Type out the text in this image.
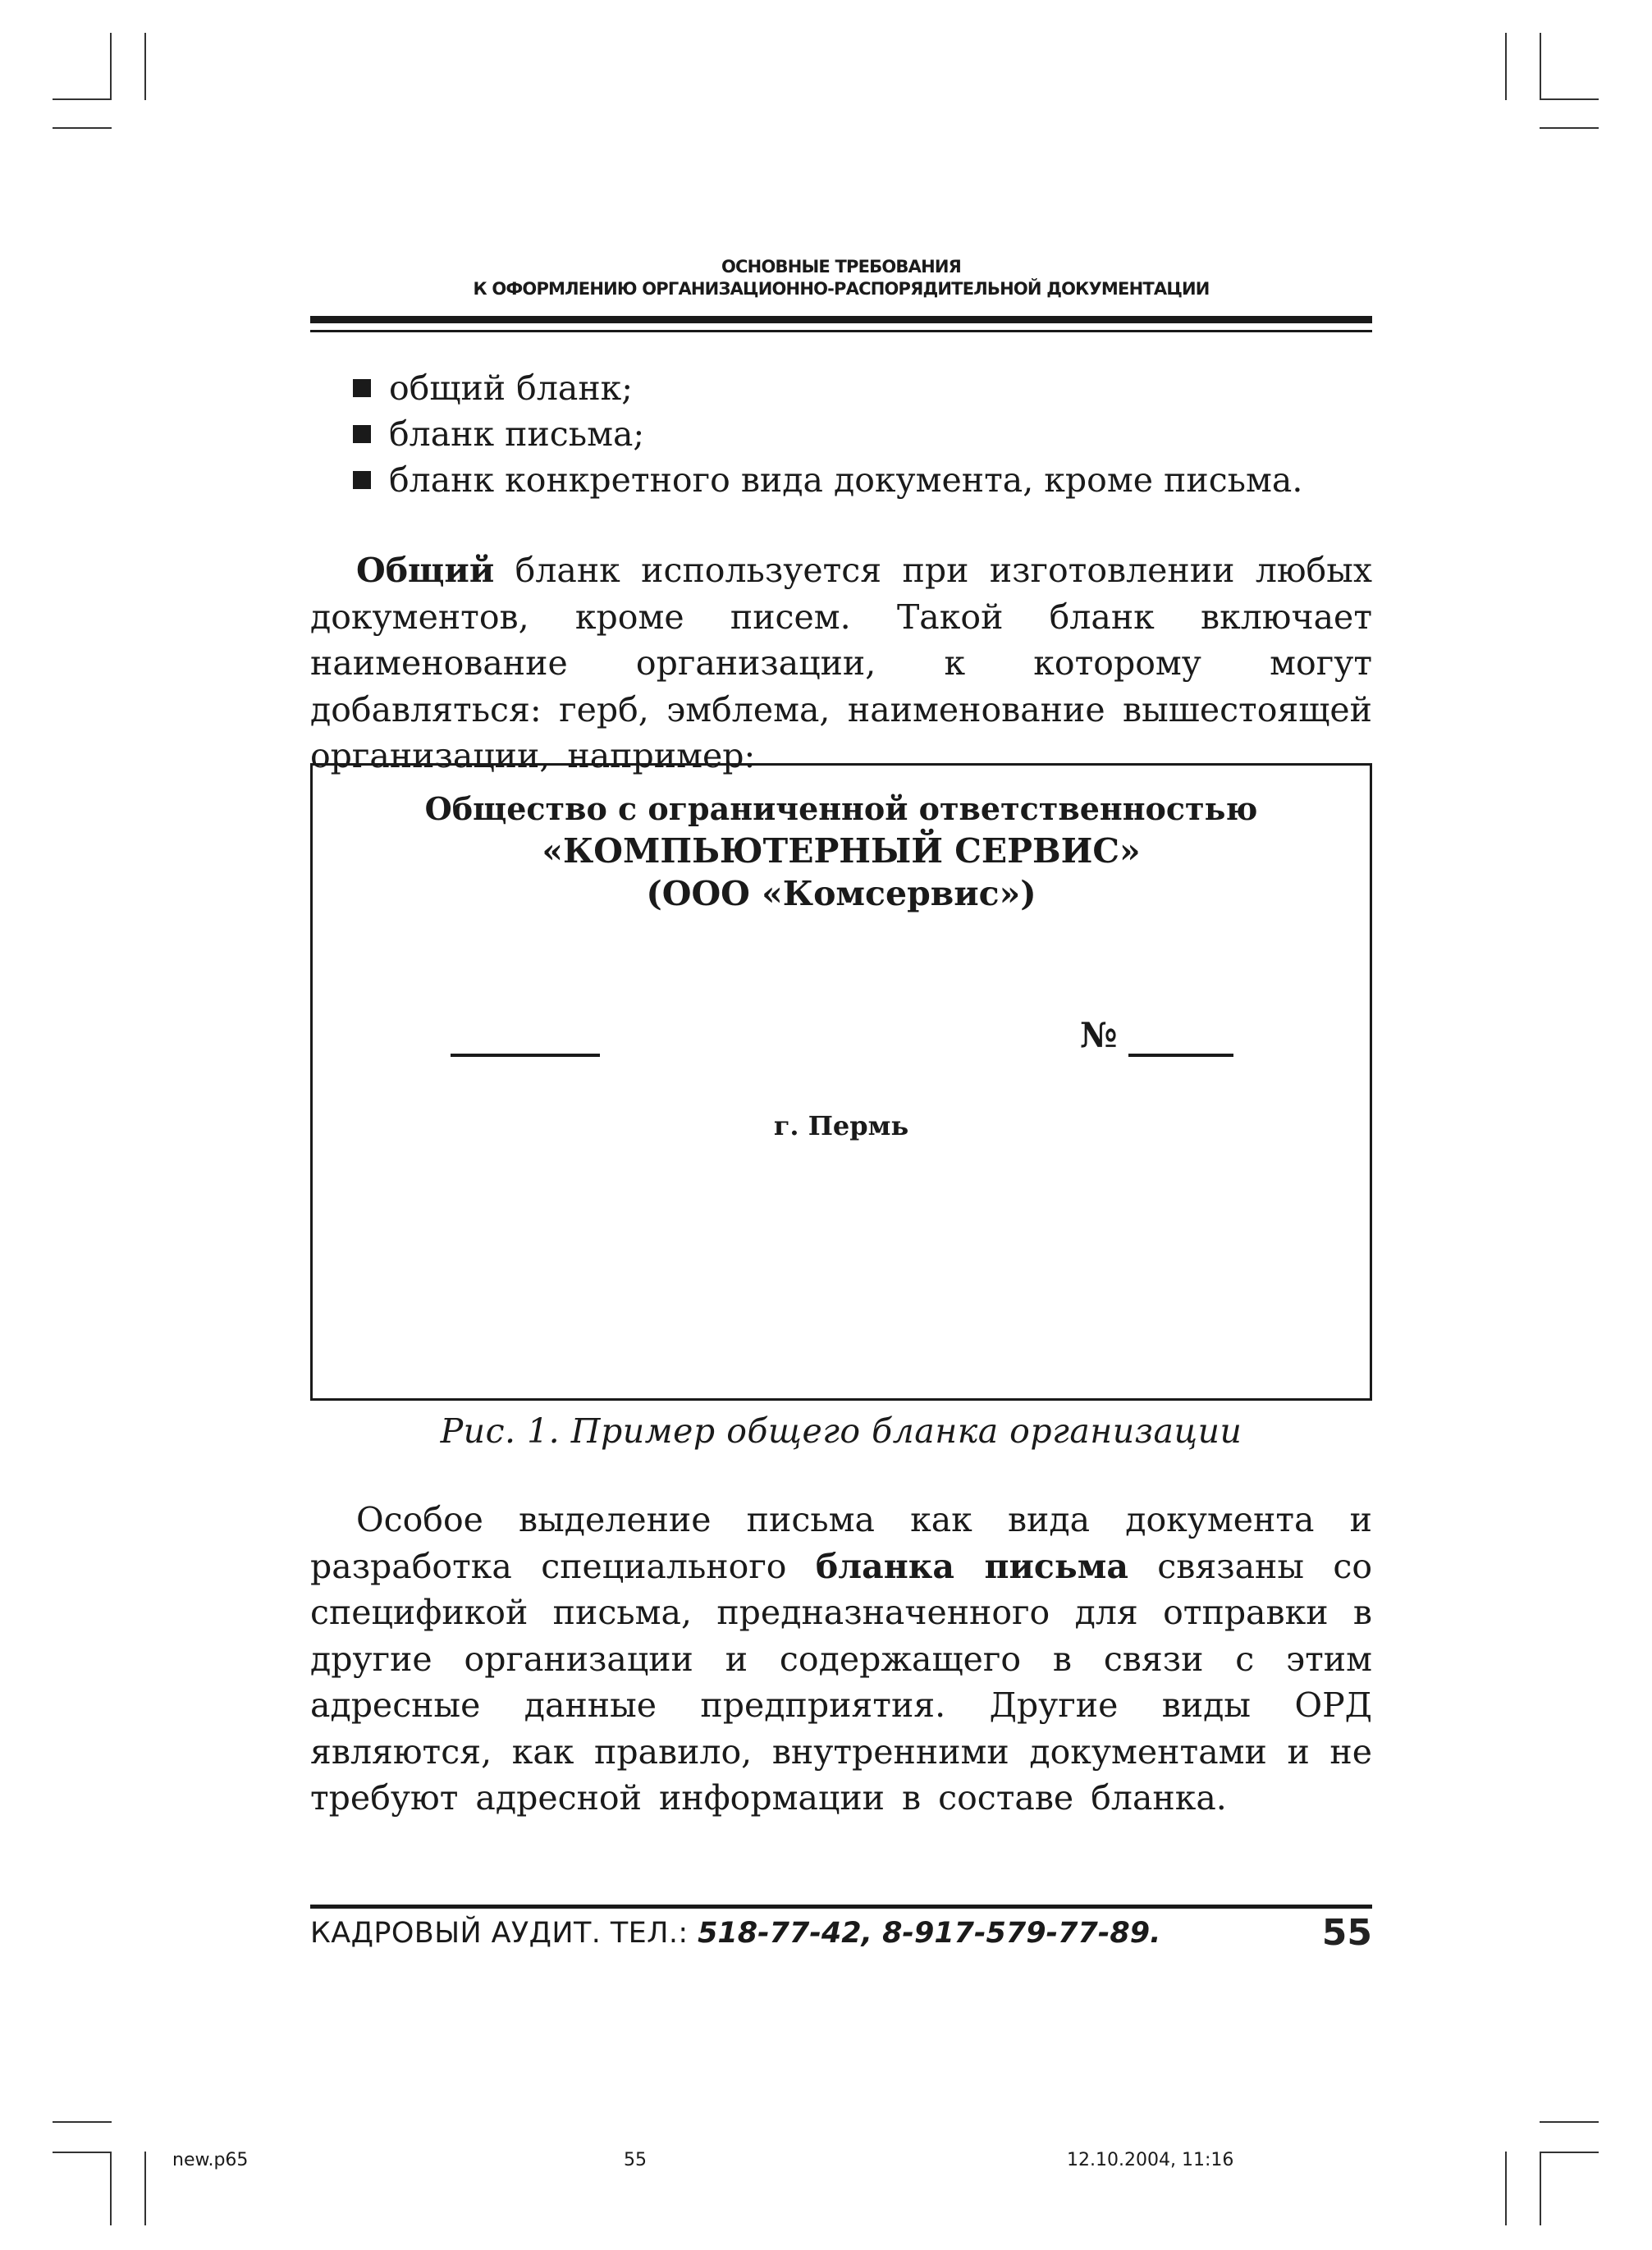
ОСНОВНЫЕ ТРЕБОВАНИЯ
К ОФОРМЛЕНИЮ ОРГАНИЗАЦИОННО-РАСПОРЯДИТЕЛЬНОЙ ДОКУМЕНТАЦИИ
общий бланк;
бланк письма;
бланк конкретного вида документа, кроме письма.
Общий бланк используется при изготовлении любых документов, кроме писем. Такой бланк включает наименование организации, к которому могут добавляться: герб, эмблема, наименование вышестоящей организации, например:
Общество с ограниченной ответственностью
«КОМПЬЮТЕРНЫЙ СЕРВИС»
(ООО «Комсервис»)
№
г. Пермь
Рис. 1. Пример общего бланка организации
Особое выделение письма как вида документа и разработка специального бланка письма связаны со спецификой письма, предназначенного для отправки в другие организации и содержащего в связи с этим адресные данные предприятия. Другие виды ОРД являются, как правило, внутренними документами и не требуют адресной информации в составе бланка.
КАДРОВЫЙ АУДИТ. ТЕЛ.: 518-77-42, 8-917-579-77-89.	55
new.p65	55	12.10.2004, 11:16
